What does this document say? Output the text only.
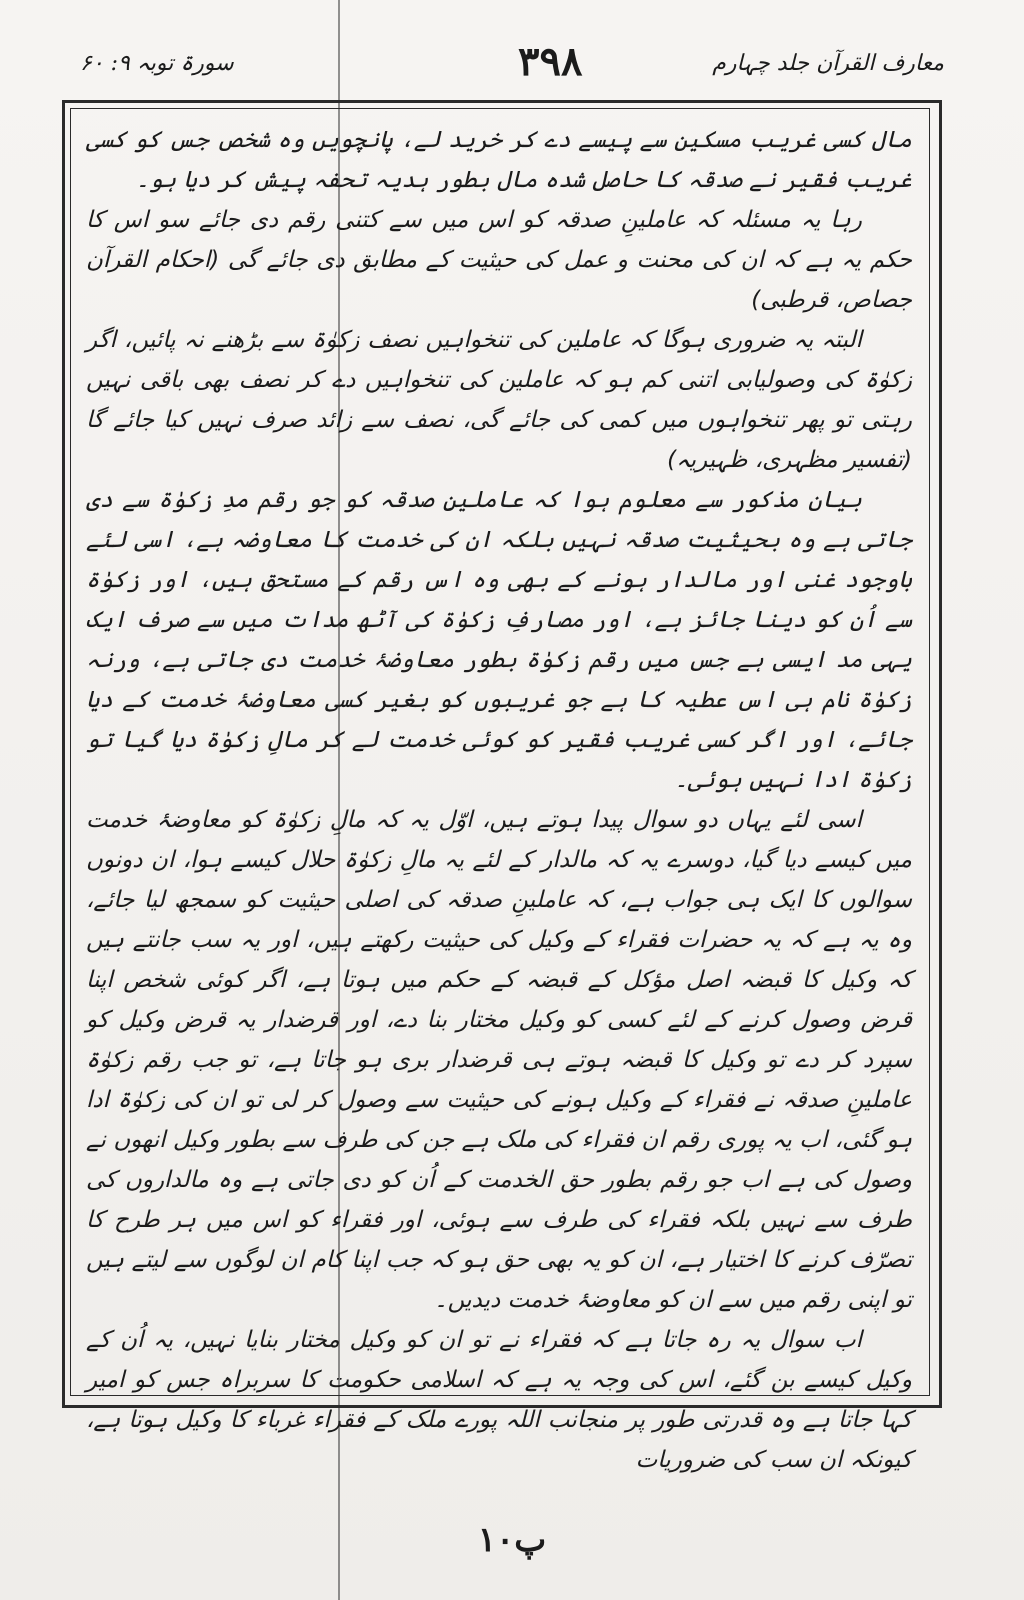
سورۃ توبہ ۹: ۶۰	۳۹۸	معارف القرآن جلد چہارم

مال کسی غریب مسکین سے پیسے دے کر خرید لے، پانچویں وہ شخص جس کو کسی غریب فقیر نے صدقہ کا حاصل شدہ مال بطور ہدیہ تحفہ پیش کر دیا ہو۔

رہا یہ مسئلہ کہ عاملینِ صدقہ کو اس میں سے کتنی رقم دی جائے سو اس کا حکم یہ ہے کہ ان کی محنت و عمل کی حیثیت کے مطابق دی جائے گی (احکام القرآن جصاص، قرطبی)

البتہ یہ ضروری ہوگا کہ عاملین کی تنخواہیں نصف زکوٰۃ سے بڑھنے نہ پائیں، اگر زکوٰۃ کی وصولیابی اتنی کم ہو کہ عاملین کی تنخواہیں دے کر نصف بھی باقی نہیں رہتی تو پھر تنخواہوں میں کمی کی جائے گی، نصف سے زائد صرف نہیں کیا جائے گا (تفسیر مظہری، ظہیریہ)

بیان مذکور سے معلوم ہوا کہ عاملینِ صدقہ کو جو رقم مدِ زکوٰۃ سے دی جاتی ہے وہ بحیثیت صدقہ نہیں بلکہ ان کی خدمت کا معاوضہ ہے، اسی لئے باوجود غنی اور مالدار ہونے کے بھی وہ اس رقم کے مستحق ہیں، اور زکوٰۃ سے اُن کو دینا جائز ہے، اور مصارفِ زکوٰۃ کی آٹھ مدات میں سے صرف ایک یہی مد ایسی ہے جس میں رقم زکوٰۃ بطور معاوضۂ خدمت دی جاتی ہے، ورنہ زکوٰۃ نام ہی اس عطیہ کا ہے جو غریبوں کو بغیر کسی معاوضۂ خدمت کے دیا جائے، اور اگر کسی غریب فقیر کو کوئی خدمت لے کر مالِ زکوٰۃ دیا گیا تو زکوٰۃ ادا نہیں ہوئی۔

اسی لئے یہاں دو سوال پیدا ہوتے ہیں، اوّل یہ کہ مالِ زکوٰۃ کو معاوضۂ خدمت میں کیسے دیا گیا، دوسرے یہ کہ مالدار کے لئے یہ مالِ زکوٰۃ حلال کیسے ہوا، ان دونوں سوالوں کا ایک ہی جواب ہے، کہ عاملینِ صدقہ کی اصلی حیثیت کو سمجھ لیا جائے، وہ یہ ہے کہ یہ حضرات فقراء کے وکیل کی حیثیت رکھتے ہیں، اور یہ سب جانتے ہیں کہ وکیل کا قبضہ اصل مؤکل کے قبضہ کے حکم میں ہوتا ہے، اگر کوئی شخص اپنا قرض وصول کرنے کے لئے کسی کو وکیل مختار بنا دے، اور قرضدار یہ قرض وکیل کو سپرد کر دے تو وکیل کا قبضہ ہوتے ہی قرضدار بری ہو جاتا ہے، تو جب رقم زکوٰۃ عاملینِ صدقہ نے فقراء کے وکیل ہونے کی حیثیت سے وصول کر لی تو ان کی زکوٰۃ ادا ہو گئی، اب یہ پوری رقم ان فقراء کی ملک ہے جن کی طرف سے بطور وکیل انھوں نے وصول کی ہے اب جو رقم بطور حق الخدمت کے اُن کو دی جاتی ہے وہ مالداروں کی طرف سے نہیں بلکہ فقراء کی طرف سے ہوئی، اور فقراء کو اس میں ہر طرح کا تصرّف کرنے کا اختیار ہے، ان کو یہ بھی حق ہو کہ جب اپنا کام ان لوگوں سے لیتے ہیں تو اپنی رقم میں سے ان کو معاوضۂ خدمت دیدیں۔

اب سوال یہ رہ جاتا ہے کہ فقراء نے تو ان کو وکیل مختار بنایا نہیں، یہ اُن کے وکیل کیسے بن گئے، اس کی وجہ یہ ہے کہ اسلامی حکومت کا سربراہ جس کو امیر کہا جاتا ہے وہ قدرتی طور پر منجانب اللہ پورے ملک کے فقراء غرباء کا وکیل ہوتا ہے، کیونکہ ان سب کی ضروریات

پ۱۰
